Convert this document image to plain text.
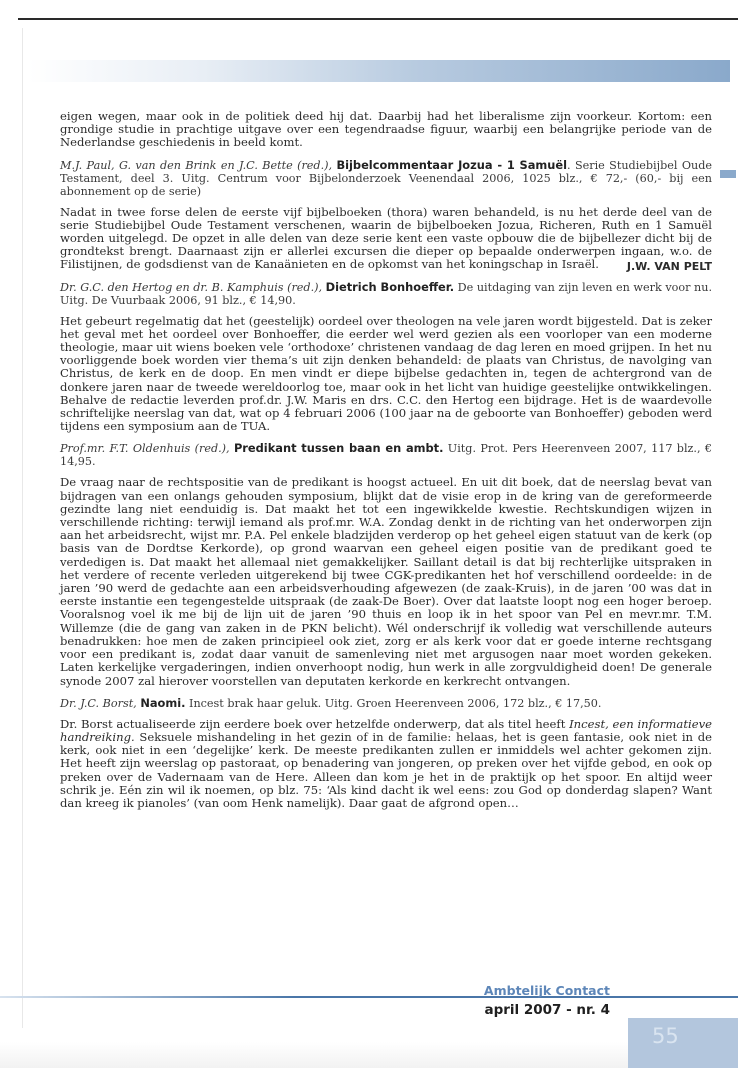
eigen wegen, maar ook in de politiek deed hij dat. Daarbij had het liberalisme zijn voorkeur. Kortom: een grondige studie in prachtige uitgave over een tegendraadse figuur, waarbij een belangrijke periode van de Nederlandse geschiedenis in beeld komt.

M.J. Paul, G. van den Brink en J.C. Bette (red.), Bijbelcommentaar Jozua - 1 Samuël. Serie Studiebijbel Oude Testament, deel 3. Uitg. Centrum voor Bijbelonderzoek Veenendaal 2006, 1025 blz., € 72,- (60,- bij een abonnement op de serie)

Nadat in twee forse delen de eerste vijf bijbelboeken (thora) waren behandeld, is nu het derde deel van de serie Studiebijbel Oude Testament verschenen, waarin de bijbelboeken Jozua, Richeren, Ruth en 1 Samuël worden uitgelegd. De opzet in alle delen van deze serie kent een vaste opbouw die de bijbellezer dicht bij de grondtekst brengt. Daarnaast zijn er allerlei excursen die dieper op bepaalde onderwerpen ingaan, w.o. de Filistijnen, de godsdienst van de Kanaänieten en de opkomst van het koningschap in Israël.	J.W. VAN PELT

Dr. G.C. den Hertog en dr. B. Kamphuis (red.), Dietrich Bonhoeffer. De uitdaging van zijn leven en werk voor nu. Uitg. De Vuurbaak 2006, 91 blz., € 14,90.

Het gebeurt regelmatig dat het (geestelijk) oordeel over theologen na vele jaren wordt bijgesteld. Dat is zeker het geval met het oordeel over Bonhoeffer, die eerder wel werd gezien als een voorloper van een moderne theologie, maar uit wiens boeken vele ‘orthodoxe’ christenen vandaag de dag leren en moed grijpen. In het nu voorliggende boek worden vier thema’s uit zijn denken behandeld: de plaats van Christus, de navolging van Christus, de kerk en de doop. En men vindt er diepe bijbelse gedachten in, tegen de achtergrond van de donkere jaren naar de tweede wereldoorlog toe, maar ook in het licht van huidige geestelijke ontwikkelingen. Behalve de redactie leverden prof.dr. J.W. Maris en drs. C.C. den Hertog een bijdrage. Het is de waardevolle schriftelijke neerslag van dat, wat op 4 februari 2006 (100 jaar na de geboorte van Bonhoeffer) geboden werd tijdens een symposium aan de TUA.

Prof.mr. F.T. Oldenhuis (red.), Predikant tussen baan en ambt. Uitg. Prot. Pers Heerenveen 2007, 117 blz., € 14,95.

De vraag naar de rechtspositie van de predikant is hoogst actueel. En uit dit boek, dat de neerslag bevat van bijdragen van een onlangs gehouden symposium, blijkt dat de visie erop in de kring van de gereformeerde gezindte lang niet eenduidig is. Dat maakt het tot een ingewikkelde kwestie. Rechtskundigen wijzen in verschillende richting: terwijl iemand als prof.mr. W.A. Zondag denkt in de richting van het onderworpen zijn aan het arbeidsrecht, wijst mr. P.A. Pel enkele bladzijden verderop op het geheel eigen statuut van de kerk (op basis van de Dordtse Kerkorde), op grond waarvan een geheel eigen positie van de predikant goed te verdedigen is. Dat maakt het allemaal niet gemakkelijker. Saillant detail is dat bij rechterlijke uitspraken in het verdere of recente verleden uitgerekend bij twee CGK-predikanten het hof verschillend oordeelde: in de jaren ’90 werd de gedachte aan een arbeidsverhouding afgewezen (de zaak-Kruis), in de jaren ’00 was dat in eerste instantie een tegengestelde uitspraak (de zaak-De Boer). Over dat laatste loopt nog een hoger beroep. Vooralsnog voel ik me bij de lijn uit de jaren ’90 thuis en loop ik in het spoor van Pel en mevr.mr. T.M. Willemze (die de gang van zaken in de PKN belicht). Wél onderschrijf ik volledig wat verschillende auteurs benadrukken: hoe men de zaken principieel ook ziet, zorg er als kerk voor dat er goede interne rechtsgang voor een predikant is, zodat daar vanuit de samenleving niet met argusogen naar moet worden gekeken. Laten kerkelijke vergaderingen, indien onverhoopt nodig, hun werk in alle zorgvuldigheid doen! De generale synode 2007 zal hierover voorstellen van deputaten kerkorde en kerkrecht ontvangen.

Dr. J.C. Borst, Naomi. Incest brak haar geluk. Uitg. Groen Heerenveen 2006, 172 blz., € 17,50.

Dr. Borst actualiseerde zijn eerdere boek over hetzelfde onderwerp, dat als titel heeft Incest, een informatieve handreiking. Seksuele mishandeling in het gezin of in de familie: helaas, het is geen fantasie, ook niet in de kerk, ook niet in een ‘degelijke’ kerk. De meeste predikanten zullen er inmiddels wel achter gekomen zijn. Het heeft zijn weerslag op pastoraat, op benadering van jongeren, op preken over het vijfde gebod, en ook op preken over de Vadernaam van de Here. Alleen dan kom je het in de praktijk op het spoor. En altijd weer schrik je. Eén zin wil ik noemen, op blz. 75: ‘Als kind dacht ik wel eens: zou God op donderdag slapen? Want dan kreeg ik pianoles’ (van oom Henk namelijk). Daar gaat de afgrond open…

Ambtelijk Contact
april 2007 - nr. 4
55
